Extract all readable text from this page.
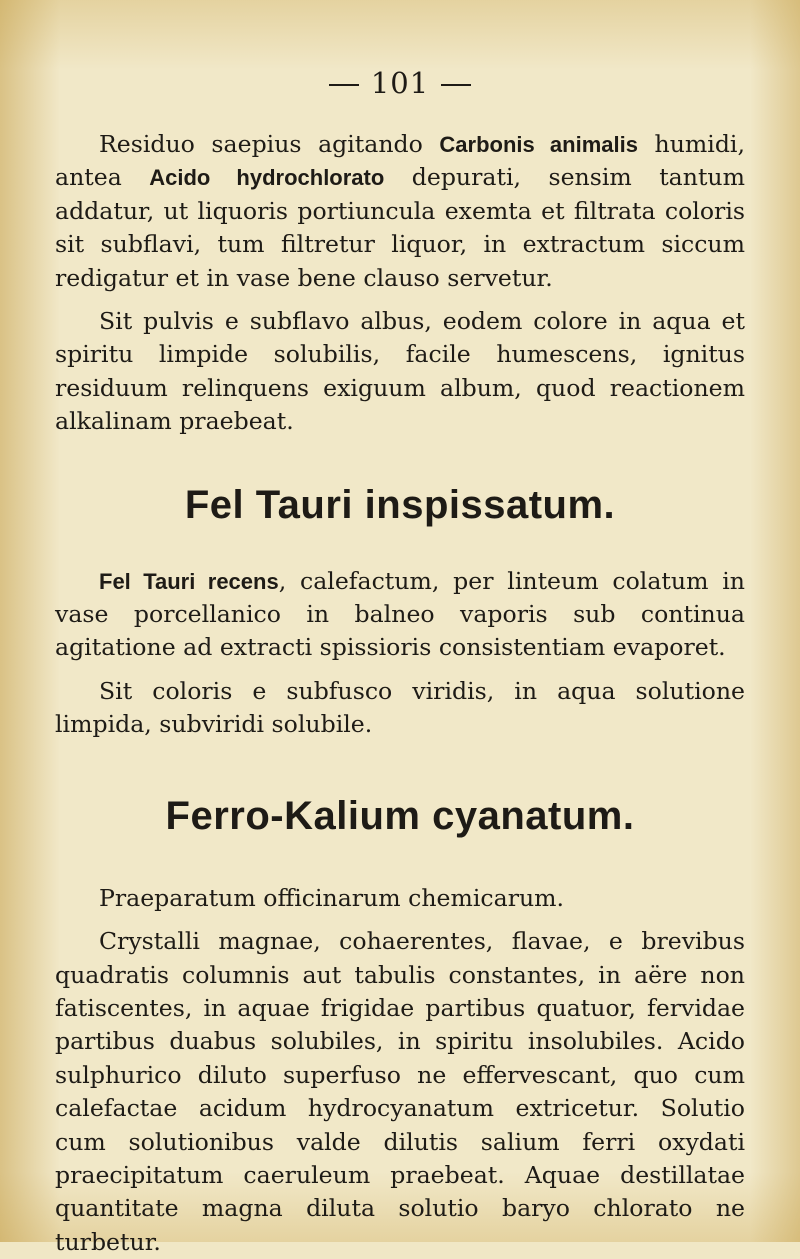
101

Residuo saepius agitando Carbonis animalis humidi, antea Acido hydrochlorato depurati, sensim tantum addatur, ut liquoris portiuncula exemta et filtrata coloris sit subflavi, tum filtretur liquor, in extractum siccum redigatur et in vase bene clauso servetur.

Sit pulvis e subflavo albus, eodem colore in aqua et spiritu limpide solubilis, facile humescens, ignitus residuum relinquens exiguum album, quod reactionem alkalinam praebeat.

Fel Tauri inspissatum.

Fel Tauri recens, calefactum, per linteum colatum in vase porcellanico in balneo vaporis sub continua agitatione ad extracti spissioris consistentiam evaporet.

Sit coloris e subfusco viridis, in aqua solutione limpida, subviridi solubile.

Ferro-Kalium cyanatum.

Praeparatum officinarum chemicarum.

Crystalli magnae, cohaerentes, flavae, e brevibus quadratis columnis aut tabulis constantes, in aëre non fatiscentes, in aquae frigidae partibus quatuor, fervidae partibus duabus solubiles, in spiritu insolubiles. Acido sulphurico diluto superfuso ne effervescant, quo cum calefactae acidum hydrocyanatum extricetur. Solutio cum solutionibus valde dilutis salium ferri oxydati praecipitatum caeruleum praebeat. Aquae destillatae quantitate magna diluta solutio baryo chlorato ne turbetur.
